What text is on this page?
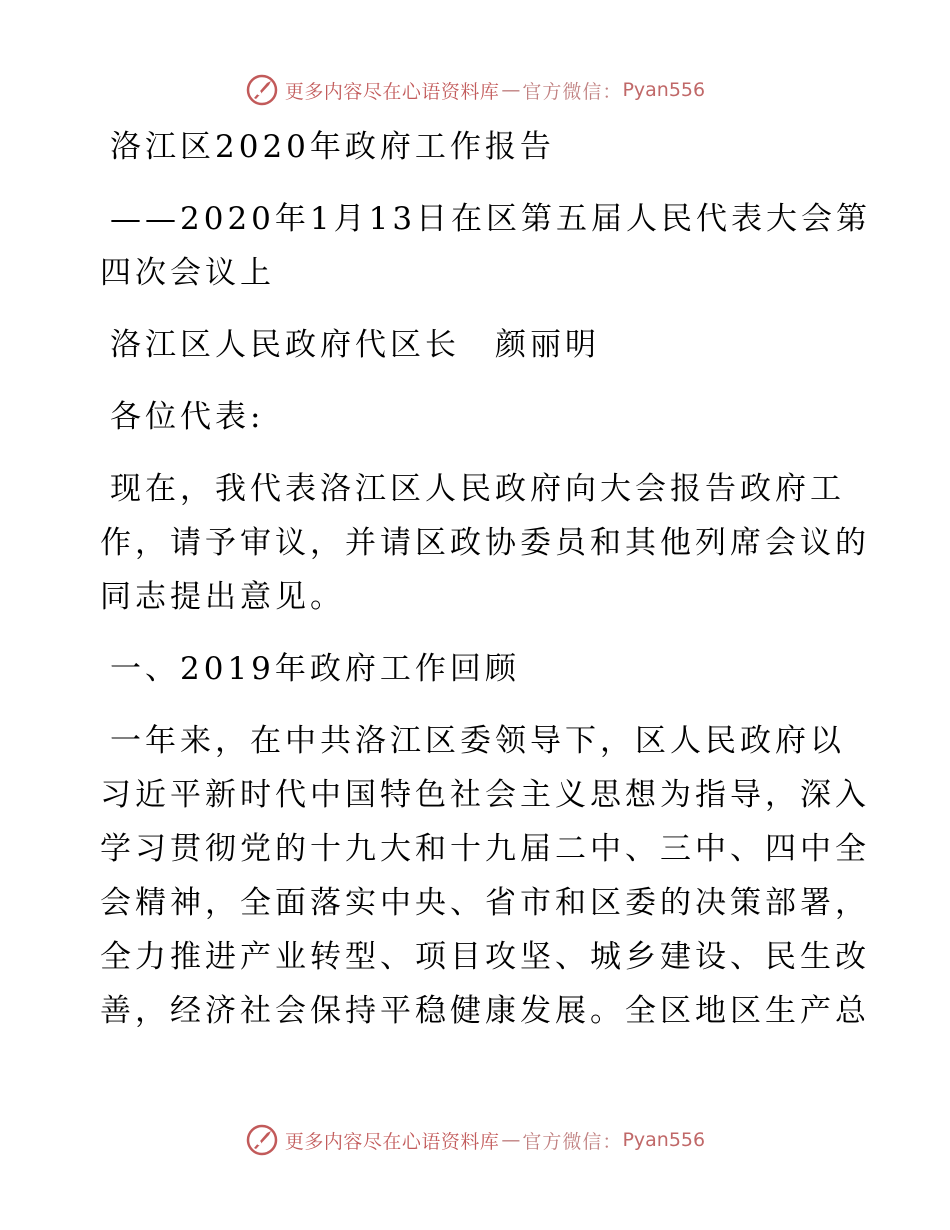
更多内容尽在心语资料库 — 官方微信： Pyan556
洛江区2020年政府工作报告
——2020年1月13日在区第五届人民代表大会第
四次会议上
洛江区人民政府代区长　颜丽明
各位代表:
现在，我代表洛江区人民政府向大会报告政府工
作，请予审议，并请区政协委员和其他列席会议的
同志提出意见。
一、2019年政府工作回顾
一年来，在中共洛江区委领导下，区人民政府以
习近平新时代中国特色社会主义思想为指导，深入
学习贯彻党的十九大和十九届二中、三中、四中全
会精神，全面落实中央、省市和区委的决策部署，
全力推进产业转型、项目攻坚、城乡建设、民生改
善，经济社会保持平稳健康发展。全区地区生产总
更多内容尽在心语资料库 — 官方微信： Pyan556
